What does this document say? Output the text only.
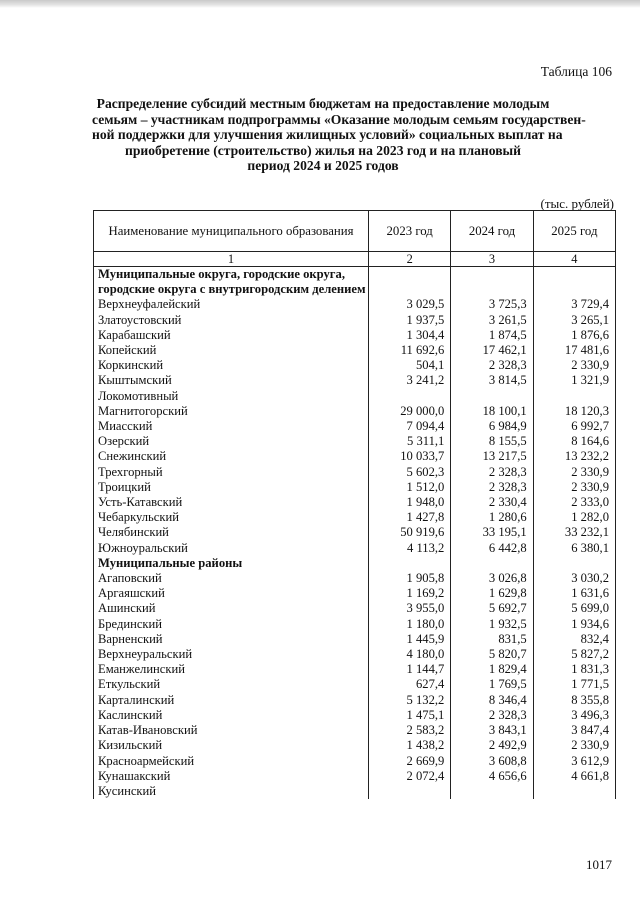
Таблица 106
Распределение субсидий местным бюджетам на предоставление молодым
семьям – участникам подпрограммы «Оказание молодым семьям государствен-
ной поддержки для улучшения жилищных условий» социальных выплат на
приобретение (строительство) жилья на 2023 год и на плановый
период 2024 и 2025 годов
(тыс. рублей)
Наименование муниципального образования	2023 год	2024 год	2025 год
1	2	3	4
Муниципальные округа, городские округа, городские округа с внутригородским делением			
Верхнеуфалейский	3 029,5	3 725,3	3 729,4
Златоустовский	1 937,5	3 261,5	3 265,1
Карабашский	1 304,4	1 874,5	1 876,6
Копейский	11 692,6	17 462,1	17 481,6
Коркинский	504,1	2 328,3	2 330,9
Кыштымский	3 241,2	3 814,5	1 321,9
Локомотивный			
Магнитогорский	29 000,0	18 100,1	18 120,3
Миасский	7 094,4	6 984,9	6 992,7
Озерский	5 311,1	8 155,5	8 164,6
Снежинский	10 033,7	13 217,5	13 232,2
Трехгорный	5 602,3	2 328,3	2 330,9
Троицкий	1 512,0	2 328,3	2 330,9
Усть-Катавский	1 948,0	2 330,4	2 333,0
Чебаркульский	1 427,8	1 280,6	1 282,0
Челябинский	50 919,6	33 195,1	33 232,1
Южноуральский	4 113,2	6 442,8	6 380,1
Муниципальные районы			
Агаповский	1 905,8	3 026,8	3 030,2
Аргаяшский	1 169,2	1 629,8	1 631,6
Ашинский	3 955,0	5 692,7	5 699,0
Брединский	1 180,0	1 932,5	1 934,6
Варненский	1 445,9	831,5	832,4
Верхнеуральский	4 180,0	5 820,7	5 827,2
Еманжелинский	1 144,7	1 829,4	1 831,3
Еткульский	627,4	1 769,5	1 771,5
Карталинский	5 132,2	8 346,4	8 355,8
Каслинский	1 475,1	2 328,3	3 496,3
Катав-Ивановский	2 583,2	3 843,1	3 847,4
Кизильский	1 438,2	2 492,9	2 330,9
Красноармейский	2 669,9	3 608,8	3 612,9
Кунашакский	2 072,4	4 656,6	4 661,8
Кусинский			
1017
